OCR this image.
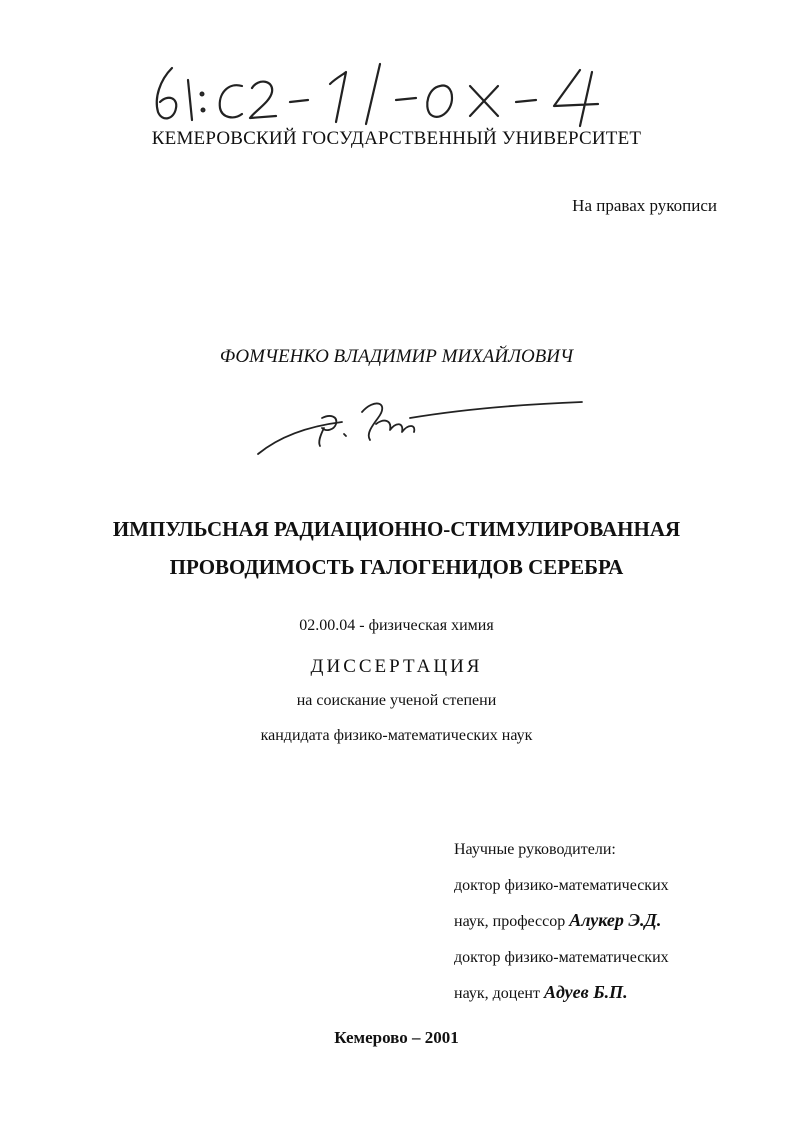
КЕМЕРОВСКИЙ ГОСУДАРСТВЕННЫЙ УНИВЕРСИТЕТ
На правах рукописи
ФОМЧЕНКО ВЛАДИМИР МИХАЙЛОВИЧ
ИМПУЛЬСНАЯ РАДИАЦИОННО-СТИМУЛИРОВАННАЯ
ПРОВОДИМОСТЬ ГАЛОГЕНИДОВ СЕРЕБРА
02.00.04 - физическая химия
ДИССЕРТАЦИЯ
на соискание ученой степени
кандидата физико-математических наук
Научные руководители:
доктор физико-математических
наук, профессор Алукер Э.Д.
доктор физико-математических
наук, доцент Адуев Б.П.
Кемерово – 2001
